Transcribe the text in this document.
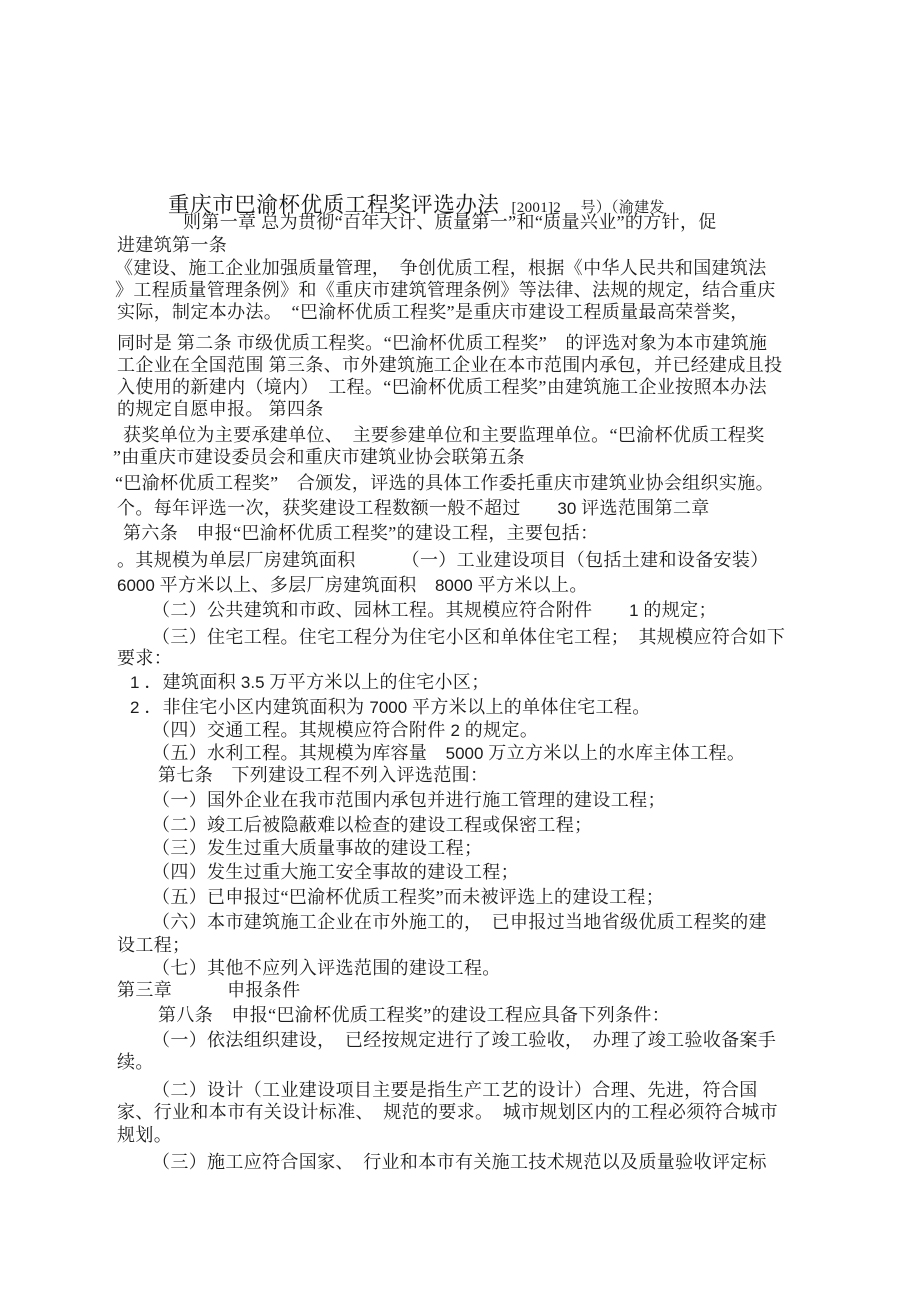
重庆市巴渝杯优质工程奖评选办法 [2001]2　 号）（渝建发

则第一章 总为贯彻“百年大计、质量第一”和“质量兴业”的方针，促
进建筑第一条
《建设、施工企业加强质量管理，　争创优质工程，根据《中华人民共和国建筑法
》工程质量管理条例》和《重庆市建筑管理条例》等法律、法规的规定，结合重庆
实际，制定本办法。　“巴渝杯优质工程奖”是重庆市建设工程质量最高荣誉奖，
同时是 第二条 市级优质工程奖。“巴渝杯优质工程奖”　的评选对象为本市建筑施
工企业在全国范围 第三条、市外建筑施工企业在本市范围内承包，并已经建成且投
入使用的新建内（境内）　工程。“巴渝杯优质工程奖”由建筑施工企业按照本办法
的规定自愿申报。 第四条
获奖单位为主要承建单位、　主要参建单位和主要监理单位。“巴渝杯优质工程奖
”由重庆市建设委员会和重庆市建筑业协会联第五条
“巴渝杯优质工程奖”　合颁发，评选的具体工作委托重庆市建筑业协会组织实施。
个。每年评选一次，获奖建设工程数额一般不超过　　30 评选范围第二章
第六条　申报“巴渝杯优质工程奖”的建设工程，主要包括：
。其规模为单层厂房建筑面积　　　（一）工业建设项目（包括土建和设备安装）
6000 平方米以上、多层厂房建筑面积　8000 平方米以上。
（二）公共建筑和市政、园林工程。其规模应符合附件　　1 的规定；
（三）住宅工程。住宅工程分为住宅小区和单体住宅工程；　其规模应符合如下
要求：
1 ．建筑面积 3.5 万平方米以上的住宅小区；
2 ．非住宅小区内建筑面积为 7000 平方米以上的单体住宅工程。
（四）交通工程。其规模应符合附件 2 的规定。
（五）水利工程。其规模为库容量　5000 万立方米以上的水库主体工程。
第七条　下列建设工程不列入评选范围：
（一）国外企业在我市范围内承包并进行施工管理的建设工程；
（二）竣工后被隐蔽难以检查的建设工程或保密工程；
（三）发生过重大质量事故的建设工程；
（四）发生过重大施工安全事故的建设工程；
（五）已申报过“巴渝杯优质工程奖”而未被评选上的建设工程；
（六）本市建筑施工企业在市外施工的，　已申报过当地省级优质工程奖的建
设工程；
（七）其他不应列入评选范围的建设工程。
第三章　　　申报条件
第八条　申报“巴渝杯优质工程奖”的建设工程应具备下列条件：
（一）依法组织建设，　已经按规定进行了竣工验收，　办理了竣工验收备案手
续。
（二）设计（工业建设项目主要是指生产工艺的设计）合理、先进，符合国
家、行业和本市有关设计标准、　规范的要求。　城市规划区内的工程必须符合城市
规划。
（三）施工应符合国家、　行业和本市有关施工技术规范以及质量验收评定标
